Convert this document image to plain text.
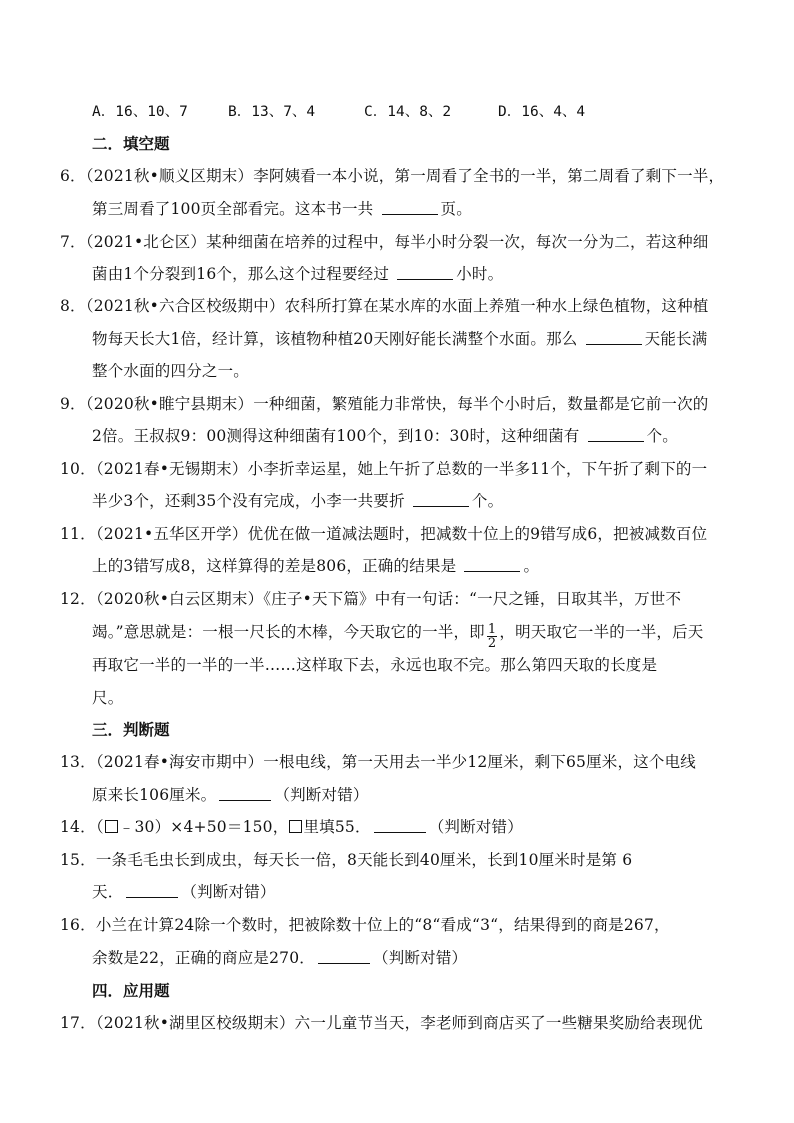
A．16、10、7	B．13、7、4	C．14、8、2	D．16、4、4
二．填空题
6．（2021秋•顺义区期末）李阿姨看一本小说，第一周看了全书的一半，第二周看了剩下一半，
第三周看了100页全部看完。这本书一共	页。
7．（2021•北仑区）某种细菌在培养的过程中，每半小时分裂一次，每次一分为二，若这种细
菌由1个分裂到16个，那么这个过程要经过	小时。
8．（2021秋•六合区校级期中）农科所打算在某水库的水面上养殖一种水上绿色植物，这种植
物每天长大1倍，经计算，该植物种植20天刚好能长满整个水面。那么	天能长满
整个水面的四分之一。
9．（2020秋•睢宁县期末）一种细菌，繁殖能力非常快，每半个小时后，数量都是它前一次的
2倍。王叔叔9：00测得这种细菌有100个，到10：30时，这种细菌有	个。
10．（2021春•无锡期末）小李折幸运星，她上午折了总数的一半多11个，下午折了剩下的一
半少3个，还剩35个没有完成，小李一共要折	个。
11．（2021•五华区开学）优优在做一道减法题时，把减数十位上的9错写成6，把被减数百位
上的3错写成8，这样算得的差是806，正确的结果是	。
12．（2020秋•白云区期末）《庄子•天下篇》中有一句话：“一尺之锤，日取其半，万世不
竭。”意思就是：一根一尺长的木棒，今天取它的一半，即 $\frac{1}{2}$ ，明天取它一半的一半，后天
再取它一半的一半的一半……这样取下去，永远也取不完。那么第四天取的长度是
尺。
三．判断题
13．（2021春•海安市期中）一根电线，第一天用去一半少12厘米，剩下65厘米，这个电线
原来长106厘米。	（判断对错）
14．（ ﹣30）×4+50＝150， 里填55．	（判断对错）
15．一条毛毛虫长到成虫，每天长一倍，8天能长到40厘米，长到10厘米时是第 6
天．	（判断对错）
16．小兰在计算24除一个数时，把被除数十位上的“8“看成“3“，结果得到的商是267，
余数是22，正确的商应是270．	（判断对错）
四．应用题
17．（2021秋•湖里区校级期末）六一儿童节当天，李老师到商店买了一些糖果奖励给表现优
